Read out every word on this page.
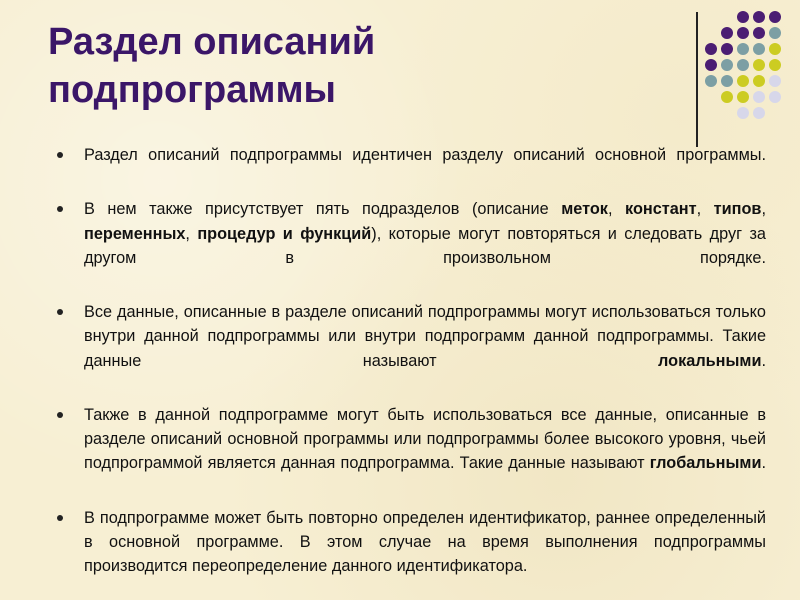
Раздел описаний
подпрограммы
Раздел описаний подпрограммы идентичен разделу описаний основной программы.
В нем также присутствует пять подразделов (описание меток, констант, типов, переменных, процедур и функций), которые могут повторяться и следовать друг за другом в произвольном порядке.
Все данные, описанные в разделе описаний подпрограммы могут использоваться только внутри данной подпрограммы или внутри подпрограмм данной подпрограммы. Такие данные называют локальными.
Также в данной подпрограмме могут быть использоваться все данные, описанные в разделе описаний основной программы или подпрограммы более высокого уровня, чьей подпрограммой является данная подпрограмма. Такие данные называют глобальными.
В подпрограмме может быть повторно определен идентификатор, раннее определенный в основной программе. В этом случае на время выполнения подпрограммы производится переопределение данного идентификатора.
